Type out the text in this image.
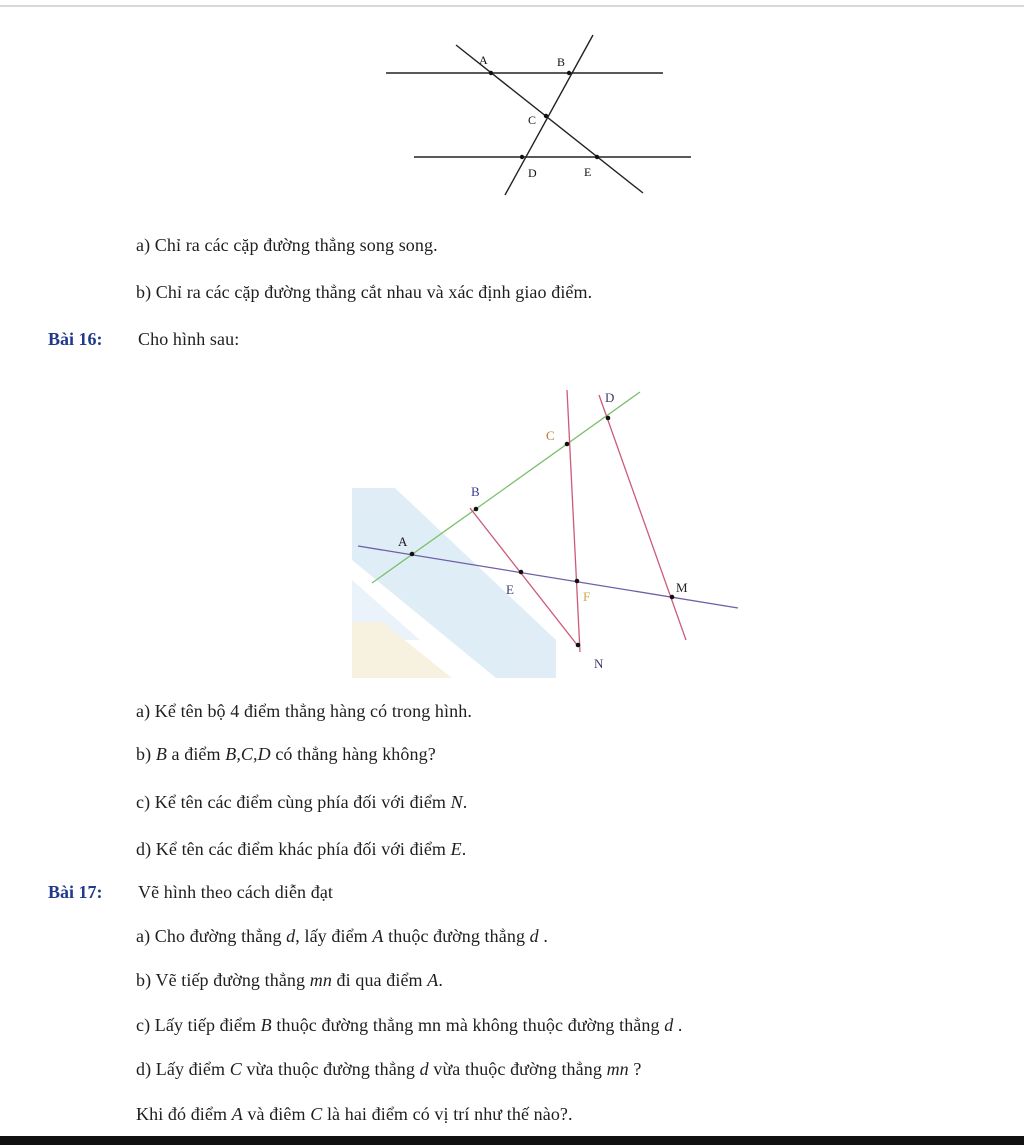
A	B
C
D	E
A
B
C
D
E	F
M
N
a) Chỉ ra các cặp đường thẳng song song.
b) Chỉ ra các cặp đường thẳng cắt nhau và xác định giao điểm.
Bài 16: Cho hình sau:
a) Kể tên bộ 4 điểm thẳng hàng có trong hình.
b) B a điểm B,C,D có thẳng hàng không?
c) Kể tên các điểm cùng phía đối với điểm N.
d) Kể tên các điểm khác phía đối với điểm E.
Bài 17: Vẽ hình theo cách diễn đạt
a) Cho đường thẳng d, lấy điểm A thuộc đường thẳng d .
b) Vẽ tiếp đường thẳng mn đi qua điểm A.
c) Lấy tiếp điểm B thuộc đường thẳng mn mà không thuộc đường thẳng d .
d) Lấy điểm C vừa thuộc đường thẳng d vừa thuộc đường thẳng mn ?
Khi đó điểm A và điêm C là hai điểm có vị trí như thế nào?.
